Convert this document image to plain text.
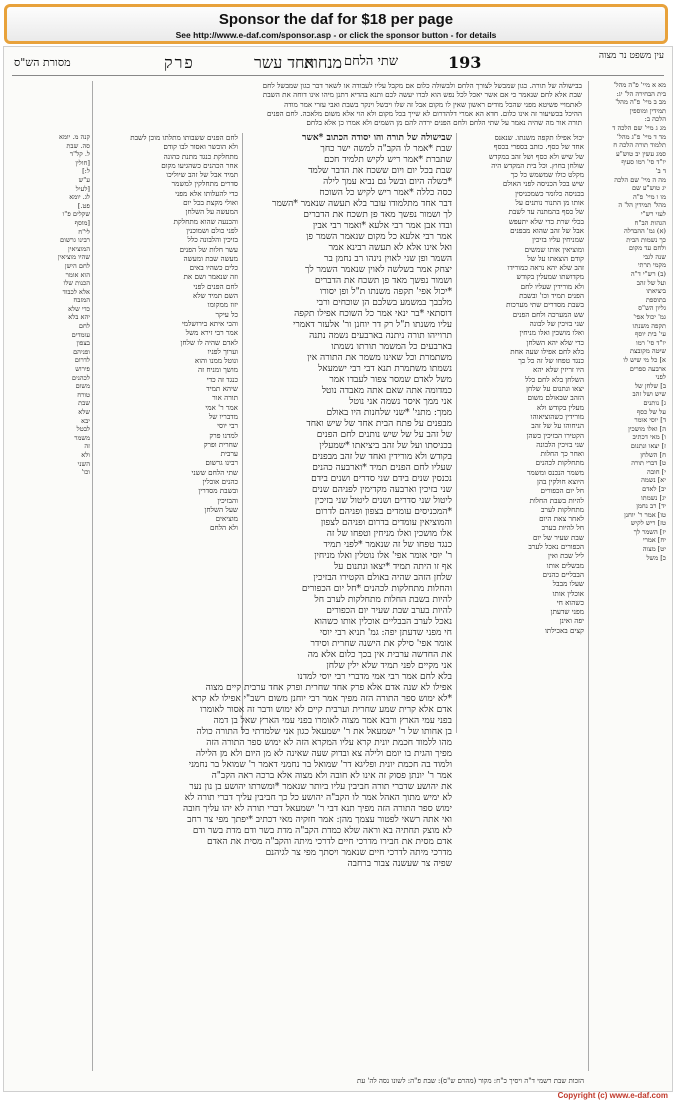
Sponsor the daf for $18 per page
See http://www.e-daf.com/sponsor.asp - or click the sponsor button - for details
מסורת הש"ס	פרק	אחד עשר
מנחות שתי הלחם	193	עין משפט נר מצוה
בבישולה של תורה. כגון שמבשל לצורך הלחם ולבשולה כלום אם מקבל עליו לעבודה או לשאר דבר כגון שמבשל לחם
שבת אלא לחם שנאמר כי אם אשר יאכל לכל נפש הוא לבדו יעשה לכם ותנא בהדיא דתנן מיהו אינו דוחה את השבת
לאתמויי פשיטא מפני שהכל מודים ראשון שאין לו מקום אבל זה שלו ויבשל וינקר בשבת ואבי עזרי אמר מודה
ההיכל בכשיעור זה אינו כלום. חדא הא אמרי דלהדרום לא שייך בכל מקום ולא הוי אלא משום מלאכה. לחם הפנים
תורה אור מה שהיה נאמר על שתי הלחם ולחם הפנים ירדה להם מן השמים ולא אמרו כן אלא בלחם
קנה מ. יומא
סה. שבת
ל. קל"ד
[חולין
ל:]
ע"ש
[לעיל
לג. יומא
פט.]
שקלים פ"ו
[מוסף
לי"ח
רבינו גרשום
המוציאין
שהיו מוציאין
לחם הישן
הוא אומר
הכנות שלו
אלא לכבוד
המזבח
כדי שלא
יהא בלא
לחם
עומדים
בצפון
ופניהם
לדרום
פירוש
לכהנים
משום
טורח
שבת
שלא
יבא
לבטל
משמר
זה
ולא
השני
וכו'
לחם הפנים ששבותו מתלתו מוכן לשבת
ולא הוכשר ואסור לבו קודם
מתחלקת כנגד מתנת כהונה
אחר הכהנים כשהגיעו מקום
תמיד אבל של זהב שיוליכו
סדרים מתחלקין למשמר
כדי להעלותו אלא מפני
ואולי מקצת בכל יום
המעשה על השלחן
והכנעה שהוא מתחלקת
לפני כולם ושמוכנין
בזיכין והלבונה כלל
עשר חלות של הפנים
מעשה שבת ומעשה
כלים כשהיו באים
וזה שנאמר ושם את
לחם הפנים לפני
השם תמיד שלא
יזוז ממקומו
כל עיקר
והכי איתא בירושלמי
אמר רבי זירא משל
לאדם שהיה לו שלחן
וערוך לפניו
ונוטל ממנו והוא
מושך ומניח זה
כנגד זה כדי
שיהא תמיד
תורה אור
אמר ר' אמי
מדבריו של
רבי יוסי
למדנו פרק
שחרית ופרק
ערבית
רבינו גרשום
שתי הלחם ששני
כהנים אוכלין
ובשבת מסדרין
והבזיכין
שעל השלחן
מוציאים
ולא הלחם
שבישולה של תורה והו יסודה הכתוב *אשר
שבת *אמר לו הקב"ה למשה ישר כחך
שתברת *אמר ריש לקיש תלמיד חכם
שבת בכל יום ויום ששכח את הדבר שלמד
*כשלה היום ובשל גם נביא עמך לילה
כסה כללה *אמר ריש לקיש כל השוכח
דבר אחד מתלמודו עובר בלא תעשה שנאמר *השמר
לך ושמור נפשך מאד פן תשכח את הדברים
ובדו אבן אמר רבי אלעא *ואמר רבי אבין
אמר רבי אלעא כל מקום שנאמר השמר פן
ואל אינו אלא לא תעשה רבינא אמר
השמר ופן שני לאוין נינהו רב נחמן בר
יצחק אמר בשלשה לאוין שנאמר השמר לך
ושמור נפשך מאד פן תשכח את הדברים
*יכול אפי' תקפה משנתו ת"ל ופן יסורו
מלבבך במשמע בשלבם הן שוכחים ורבי
דוסתאי *בר ינאי אמר כל השוכח אפילו תקפה
עליו משנתו ת"ל רק דר יוחנן ור' אלעזר דאמרי
תרוייהו תורה ניתנה בארבעים נשמה נתנה
בארבעים כל המשמר תורתו נשמתו
משתמרת וכל שאינו משמר את התורה אין
נשמתו משתמרת תנא דבי רבי ישמעאל
משל לאדם שמסר צפור לעבדו אמר
כמדומה אתה שאם אתה מאבדה נוטל
אני ממך איסר נשמה אני נוטל
ממך: מתני' *שני שלחנות היו באולם
מבפנים על פתח הבית אחד של שיש ואחד
של זהב על של שיש נותנים לחם הפנים
בכניסתו ועל של זהב ביציאתו *שמעלין
בקודש ולא מורידין ואחד של זהב מבפנים
שעליו לחם הפנים תמיד *וארבעה כהנים
נכנסין שנים בידם שני סדרים ושנים בידם
שני בזיכין וארבעה מקדימין לפניהם שנים
ליטול שני סדרים ושנים ליטול שני בזיכין
*המכניסים עומדים בצפון ופניהם לדרום
והמוציאין עומדים בדרום ופניהם לצפון
אלו מושכין ואלו מניחין וטפחו של זה
כנגד טפחו של זה שנאמר *לפני תמיד
ר' יוסי אומר אפי' אלו נוטלין ואלו מניחין
אף זו היתה תמיד *יצאו ונתנום על
שלחן הזהב שהיה באולם הקטירו הבזיכין
והחלות מתחלקות לכהנים *חל יום הכפורים
להיות בשבת החלות מתחלקות לערב חל
להיות בערב שבת שעיר יום הכפורים
נאכל לערב הבבליים אוכלין אותו כשהוא
חי מפני שדעתן יפה: גמ' תניא רבי יוסי
אומר אפי' סילק את הישנה שחרית וסידר
את החדשה ערבית אין בכך כלום אלא מה
אני מקיים לפני תמיד שלא ילין שלחן
בלא לחם אמר רבי אמי מדברי רבי יוסי למדנו
אפילו לא שנה אדם אלא פרק אחד שחרית ופרק אחד ערבית קיים מצוה
*לא ימוש ספר התורה הזה מפיך אמר רבי יוחנן משום רשב"י אפילו לא קרא
אדם אלא קרית שמע שחרית וערבית קיים לא ימוש ודבר זה אסור לאומרו
בפני עמי הארץ ורבא אמר מצוה לאומרו בפני עמי הארץ שאל בן דמה
בן אחותו של ר' ישמעאל את ר' ישמעאל כגון אני שלמדתי כל התורה כולה
מהו ללמוד חכמת יונית קרא עליו המקרא הזה לא ימוש ספר התורה הזה
מפיך והגית בו יומם ולילה צא ובדוק שעה שאינה לא מן היום ולא מן הלילה
ולמוד בה חכמת יונית ופליגא דר' שמואל בר נחמני דאמר ר' שמואל בר נחמני
אמר ר' יונתן פסוק זה אינו לא חובה ולא מצוה אלא ברכה ראה הקב"ה
את יהושע שדברי תורה חביבין עליו ביותר שנאמר *ומשרתו יהושע בן נון נער
לא ימיש מתוך האהל אמר לו הקב"ה יהושע כל כך חביבין עליך דברי תורה לא
ימוש ספר התורה הזה מפיך תנא דבי ר' ישמעאל דברי תורה לא יהו עליך חובה
ואי אתה רשאי לפטור עצמך מהן: אמר חזקיה מאי דכתיב *יפתך מפי צר רחב
לא מוצק תחתיה בא וראה שלא כמדת הקב"ה מדת בשר ודם מדת בשר ודם
אדם מסית את חבירו מדרכי חיים לדרכי מיתה והקב"ה מסית את האדם
מדרכי מיתה לדרכי חיים שנאמר ויסתך מפי צר לגיהנם
שפיה צר שעשנה צבור ברחבה
יכול אפילו תקפה משנתו. שנאנס
אחד של כסף. כותב בספרי בכסף
של שיש ולא כסף ושל זהב במקדש
שולחן בחוץ. וכל בית המקדש היה
מקלט כולו שמשמש כל כך
שיש בכל הכניסה לפני האולם
בכניסה כלומר כשמכניסין
אותו מן התנור נותנים על
של כסף בהמתנה עד לשבת
בכלי שרת כדי שלא יתעפש
אבל של זהב שהוא מבפנים
שמניחין עליו בזיכין
ומוציאין אותו שמשים
קודם הוצאתו על של
זהב שלא יהא נראה כמורידו
מקדושתו שמעלין בקודש
ולא מורידין שעליו לחם
הפנים תמיד וכו' ובשבת
בשבת מסדרים שתי מערכות
שש המערכה ולחם הפנים
שני בזיכין של לבונה
ואלו מושכין ואלו מניחין
כדי שלא יהא השלחן
בלא לחם אפילו שעה אחת
כנגד טפחו של זה כל כך
היו זריזין שלא יהא
השלחן בלא לחם כלל
יצאו ונתנום על שלחן
הזהב שבאולם משום
מעלין בקודש ולא
מורידין כשהוציאוהו
הניחוהו על של זהב
הקטירו הבזיכין כשהן
שני בזיכין הלבונה
ואחר כך החלות
מתחלקות לכהנים
משמר הנכנס ומשמר
היוצא חולקין בהן
חל יום הכפורים
להיות בשבת החלות
מתחלקות לערב
לאחר צאת היום
חל להיות בערב
שבת שעיר של יום
הכפורים נאכל לערב
ליל שבת ואין
מבשלים אותו
הבבליים כהנים
שעלו מבבל
אוכלין אותו
כשהוא חי
מפני שדעתן
יפה ואינן
קצים באכילתו
מא א מיי' פ"ה מהל'
בית הבחירה הל' יג:
מב ב מיי' פ"ה מהל'
תמידין ומוספין
הלכה ב:
מג ג מיי' שם הלכה ד
מד ד מיי' פ"ג מהל'
תלמוד תורה הלכה ח
סמג עשין יב טוש"ע
יו"ד סי' רמו סעיף
ד ב'
מה ה מיי' שם הלכה
יג טוש"ע שם
מו ו מיי' פ"ה
מהל' תמידין הל' ה
לעזי רש"י
הגהות הב"ח
(א) גמ' ההבדלה
כך נשמות הבית
ולחם עד מקום
שנה לגבי
מקמי תרתי
(ב) רש"י ד"ה
ועל של זהב
ביציאתו
בתוספת
גליון הש"ס
גמ' יכול אפי'
תקפה משנתו
עי' בית יוסף
יו"ד סי' רמו
שיטה מקובצת
א] כל מי שיש לו
ארבעה ספרים
לפני
ב] שלחן של
שיש ושל זהב
ג] נותנים
על של כסף
ד] יוסי אומר
ה] ואלו מושכין
ו] מאי דכתיב
ז] יצאו ונתנום
ח] השלחן
ט] דברי תורה
י] חובה
יא] נשמה
יב] לאדם
יג] נשמתו
יד] רב נחמן
טו] אמר ר' יוחנן
טז] ריש לקיש
יז] השמר לך
יח] אמרי
יט] מצוה
כ] משל
הזכות שבת רשמי ד"ה ויסיך כ"ח: מקור (מהרם ש"ס): שבת פ"ה: לשונו נסה לה' עת
Copyright (c) www.e-daf.com
